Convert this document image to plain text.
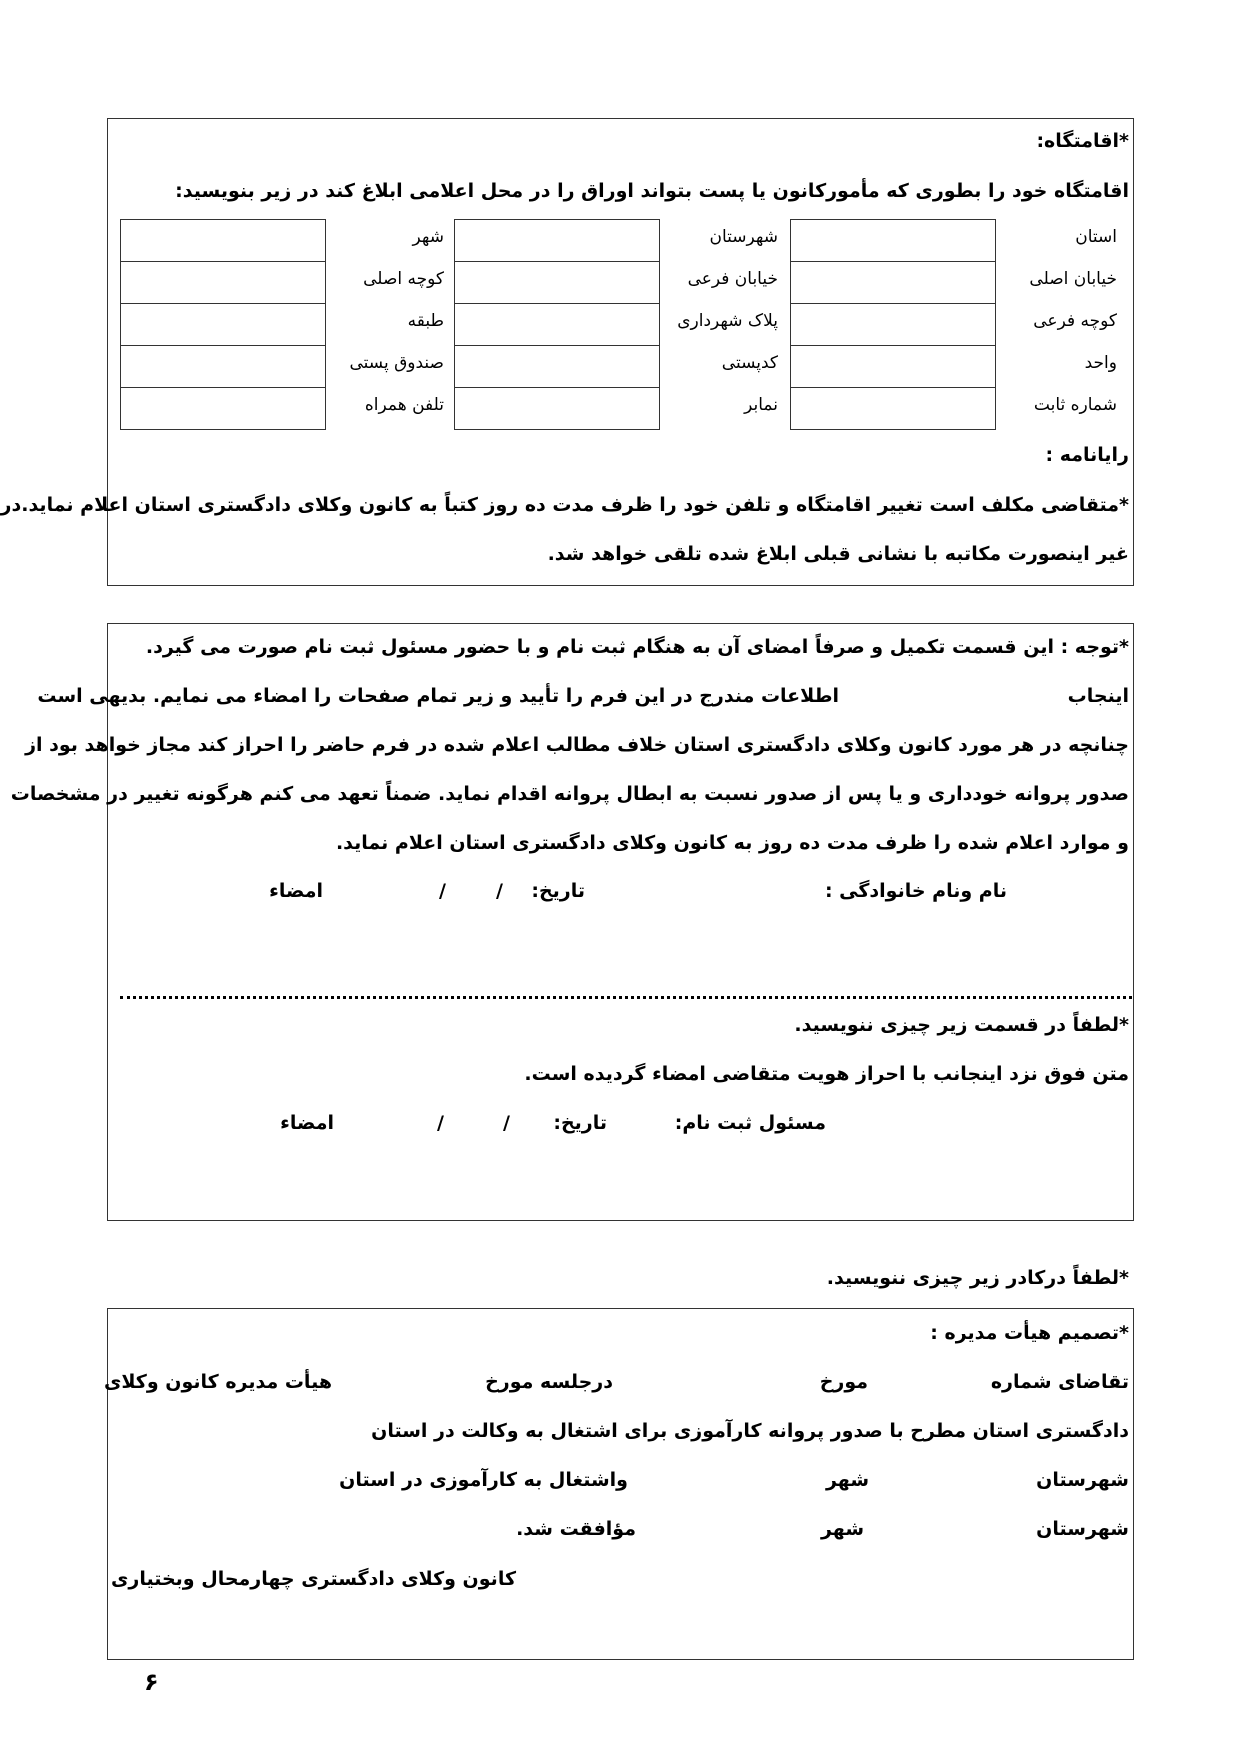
*اقامتگاه:
اقامتگاه خود را بطوری که مأمورکانون یا پست بتواند اوراق را در محل اعلامی ابلاغ کند در زیر بنویسید:
استان
خیابان اصلی
کوچه فرعی
واحد
شماره ثابت
شهرستان
خیابان فرعی
پلاک شهرداری
کدپستی
نمابر
شهر
کوچه اصلی
طبقه
صندوق پستی
تلفن همراه
رایانامه :
*متقاضی مکلف است تغییر اقامتگاه و تلفن خود را ظرف مدت ده روز کتباً به کانون وکلای دادگستری استان اعلام نماید.در
غیر اینصورت مکاتبه با نشانی قبلی ابلاغ شده تلقی خواهد شد.
*توجه : این قسمت تکمیل و صرفاً امضای آن به هنگام ثبت نام و با حضور مسئول ثبت نام صورت می گیرد.
اینجاب
اطلاعات مندرج در این فرم را تأیید و زیر تمام صفحات را امضاء می نمایم. بدیهی است
چنانچه در هر مورد کانون وکلای دادگستری استان خلاف مطالب اعلام شده در فرم حاضر را احراز کند مجاز خواهد بود از
صدور پروانه خودداری و یا پس از صدور نسبت به ابطال پروانه اقدام نماید. ضمناً تعهد می کنم هرگونه تغییر در مشخصات
و موارد اعلام شده را ظرف مدت ده روز به کانون وکلای دادگستری استان اعلام نماید.
نام ونام خانوادگی :
تاریخ:
/
/
امضاء
*لطفاً در قسمت زیر چیزی ننویسید.
متن فوق نزد اینجانب با احراز هویت متقاضی امضاء گردیده است.
مسئول ثبت نام:
تاریخ:
/
/
امضاء
*لطفاً درکادر زیر چیزی ننویسید.
*تصمیم هیأت مدیره :
تقاضای شماره
مورخ
درجلسه مورخ
هیأت مدیره کانون وکلای
دادگستری استان مطرح با صدور پروانه کارآموزی برای اشتغال به وکالت در استان
شهرستان
شهر
واشتغال به کارآموزی در استان
شهرستان
شهر
مؤافقت شد.
کانون وکلای دادگستری چهارمحال وبختیاری
۶
